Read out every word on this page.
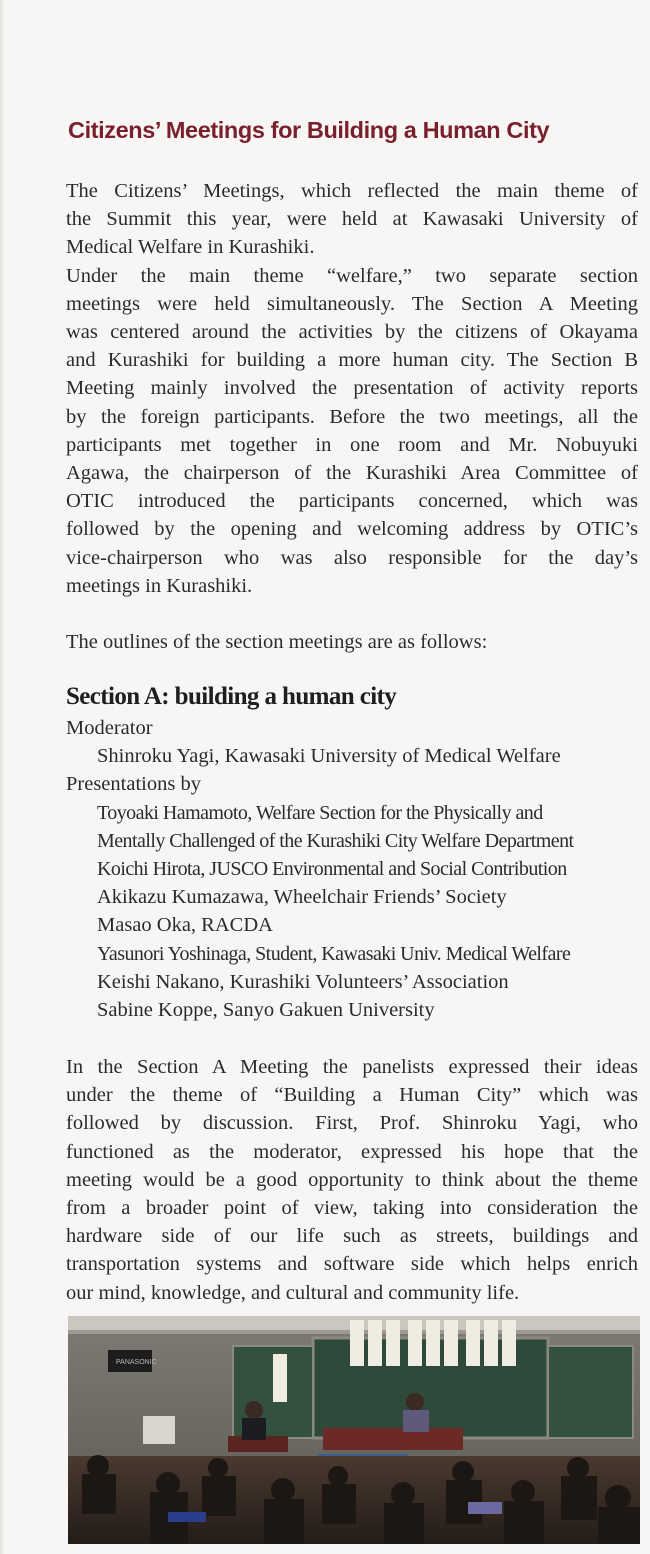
Citizens’ Meetings for Building a Human City
The Citizens’ Meetings, which reflected the main theme of
the Summit this year, were held at Kawasaki University of
Medical Welfare in Kurashiki.
Under the main theme “welfare,” two separate section
meetings were held simultaneously. The Section A Meeting
was centered around the activities by the citizens of Okayama
and Kurashiki for building a more human city. The Section B
Meeting mainly involved the presentation of activity reports
by the foreign participants. Before the two meetings, all the
participants met together in one room and Mr. Nobuyuki
Agawa, the chairperson of the Kurashiki Area Committee of
OTIC introduced the participants concerned, which was
followed by the opening and welcoming address by OTIC’s
vice-chairperson who was also responsible for the day’s
meetings in Kurashiki.
The outlines of the section meetings are as follows:
Section A: building a human city
Moderator
Shinroku Yagi, Kawasaki University of Medical Welfare
Presentations by
Toyoaki Hamamoto, Welfare Section for the Physically and
Mentally Challenged of the Kurashiki City Welfare Department
Koichi Hirota, JUSCO Environmental and Social Contribution
Akikazu Kumazawa, Wheelchair Friends’ Society
Masao Oka, RACDA
Yasunori Yoshinaga, Student, Kawasaki Univ. Medical Welfare
Keishi Nakano, Kurashiki Volunteers’ Association
Sabine Koppe, Sanyo Gakuen University
In the Section A Meeting the panelists expressed their ideas
under the theme of “Building a Human City” which was
followed by discussion. First, Prof. Shinroku Yagi, who
functioned as the moderator, expressed his hope that the
meeting would be a good opportunity to think about the theme
from a broader point of view, taking into consideration the
hardware side of our life such as streets, buildings and
transportation systems and software side which helps enrich
our mind, knowledge, and cultural and community life.
PANASONIC
